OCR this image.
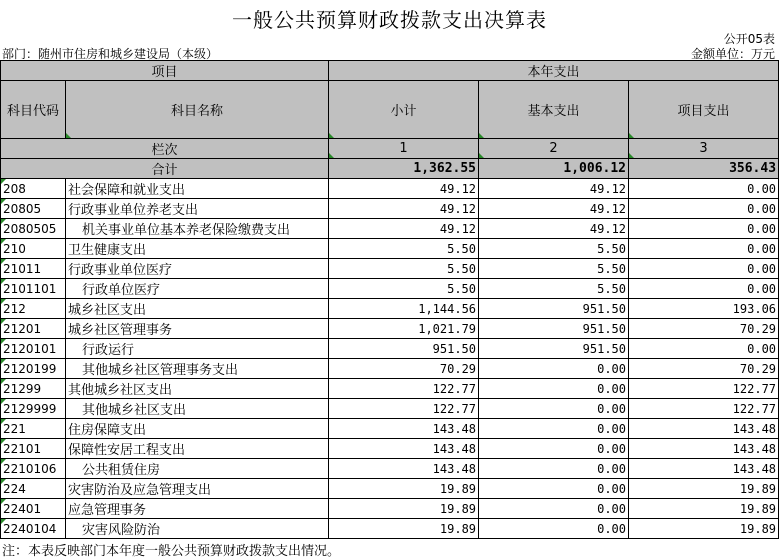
一般公共预算财政拨款支出决算表
公开05表
部门：随州市住房和城乡建设局（本级）	金额单位：万元
项目		本年支出		
科目代码	科目名称	小计	基本支出	项目支出
栏次		1	2	3
合计		1,362.55	1,006.12	356.43
208	社会保障和就业支出	49.12	49.12	0.00
20805	行政事业单位养老支出	49.12	49.12	0.00
2080505	机关事业单位基本养老保险缴费支出	49.12	49.12	0.00
210	卫生健康支出	5.50	5.50	0.00
21011	行政事业单位医疗	5.50	5.50	0.00
2101101	行政单位医疗	5.50	5.50	0.00
212	城乡社区支出	1,144.56	951.50	193.06
21201	城乡社区管理事务	1,021.79	951.50	70.29
2120101	行政运行	951.50	951.50	0.00
2120199	其他城乡社区管理事务支出	70.29	0.00	70.29
21299	其他城乡社区支出	122.77	0.00	122.77
2129999	其他城乡社区支出	122.77	0.00	122.77
221	住房保障支出	143.48	0.00	143.48
22101	保障性安居工程支出	143.48	0.00	143.48
2210106	公共租赁住房	143.48	0.00	143.48
224	灾害防治及应急管理支出	19.89	0.00	19.89
22401	应急管理事务	19.89	0.00	19.89
2240104	灾害风险防治	19.89	0.00	19.89
注：本表反映部门本年度一般公共预算财政拨款支出情况。
